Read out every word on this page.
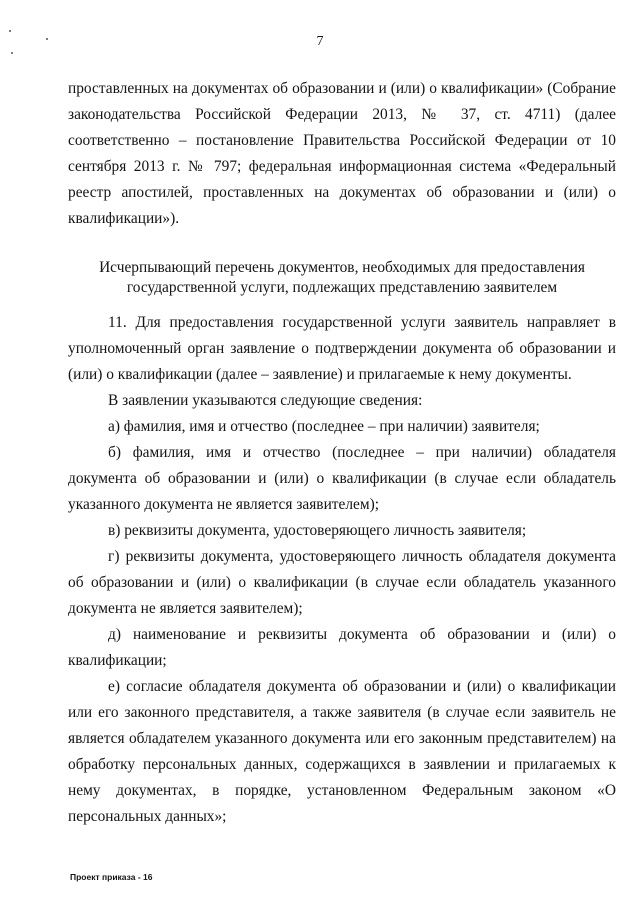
7

проставленных на документах об образовании и (или) о квалификации» (Собрание законодательства Российской Федерации 2013, № 37, ст. 4711) (далее соответственно – постановление Правительства Российской Федерации от 10 сентября 2013 г. № 797; федеральная информационная система «Федеральный реестр апостилей, проставленных на документах об образовании и (или) о квалификации»).

Исчерпывающий перечень документов, необходимых для предоставления
государственной услуги, подлежащих представлению заявителем

11. Для предоставления государственной услуги заявитель направляет в уполномоченный орган заявление о подтверждении документа об образовании и (или) о квалификации (далее – заявление) и прилагаемые к нему документы.

В заявлении указываются следующие сведения:

а) фамилия, имя и отчество (последнее – при наличии) заявителя;

б) фамилия, имя и отчество (последнее – при наличии) обладателя документа об образовании и (или) о квалификации (в случае если обладатель указанного документа не является заявителем);

в) реквизиты документа, удостоверяющего личность заявителя;

г) реквизиты документа, удостоверяющего личность обладателя документа об образовании и (или) о квалификации (в случае если обладатель указанного документа не является заявителем);

д) наименование и реквизиты документа об образовании и (или) о квалификации;

е) согласие обладателя документа об образовании и (или) о квалификации или его законного представителя, а также заявителя (в случае если заявитель не является обладателем указанного документа или его законным представителем) на обработку персональных данных, содержащихся в заявлении и прилагаемых к нему документах, в порядке, установленном Федеральным законом «О персональных данных»;

Проект приказа - 16
